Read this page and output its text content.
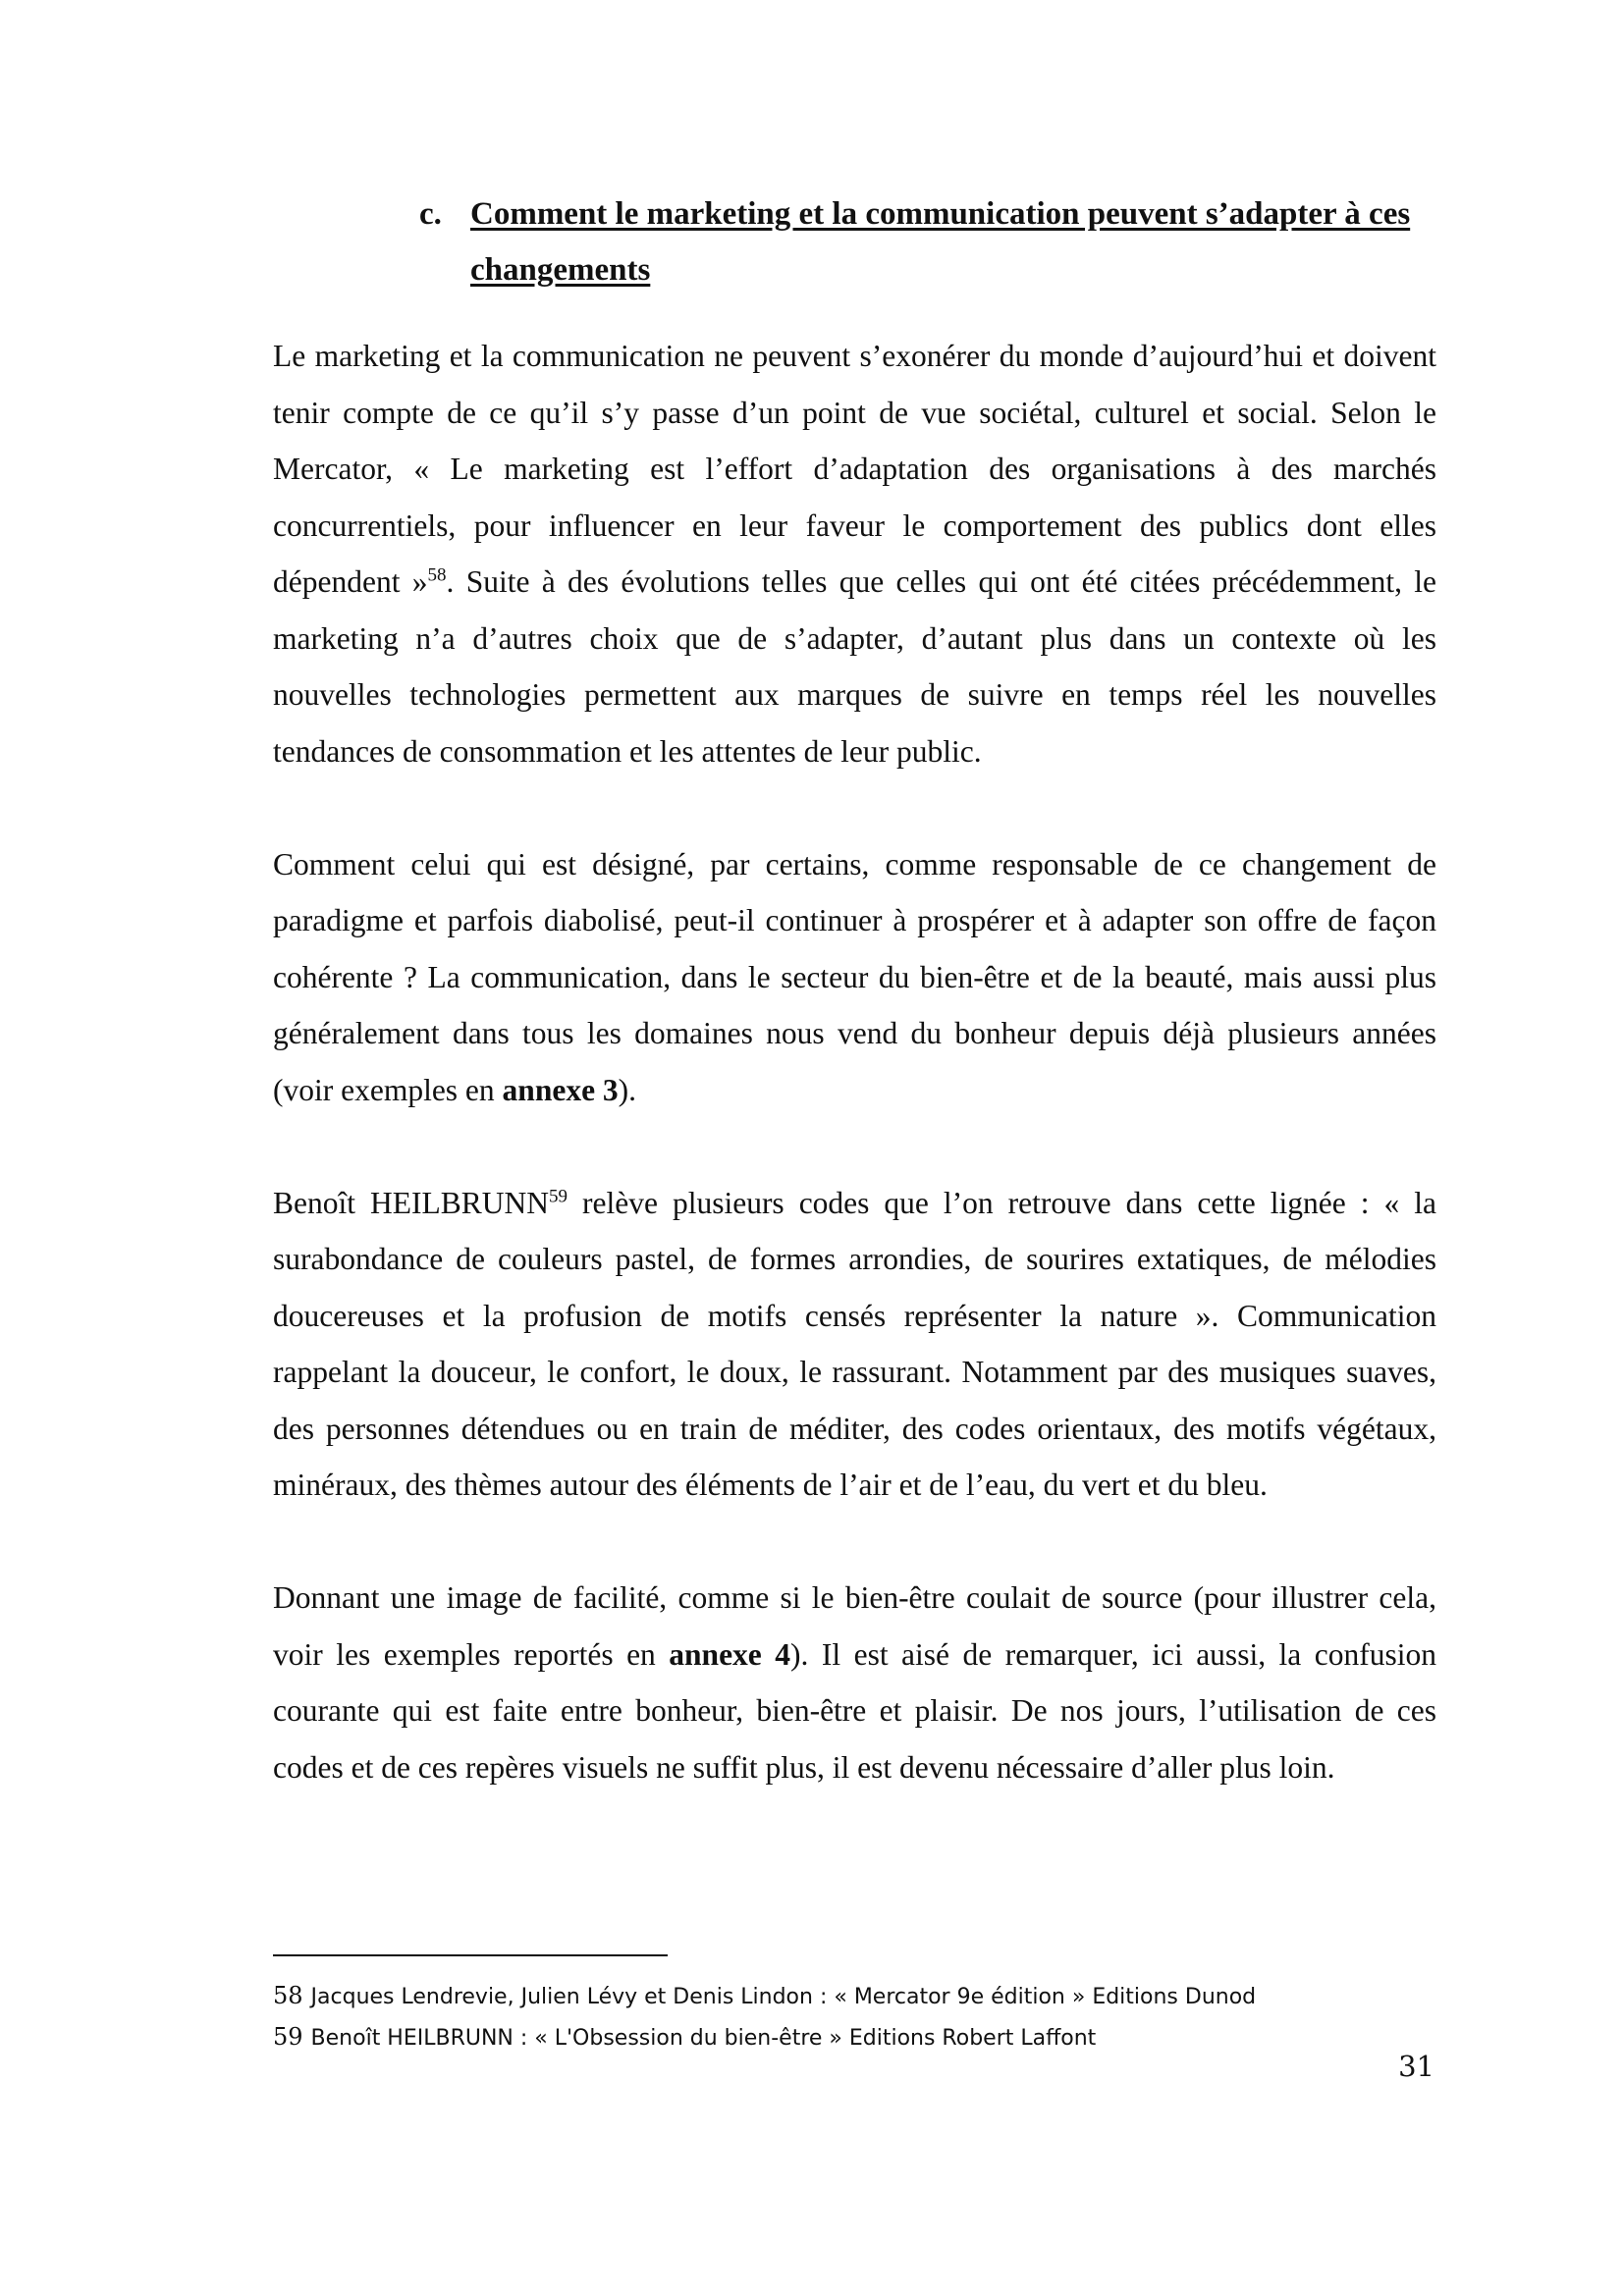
c. Comment le marketing et la communication peuvent s’adapter à ces changements

Le marketing et la communication ne peuvent s’exonérer du monde d’aujourd’hui et doivent tenir compte de ce qu’il s’y passe d’un point de vue sociétal, culturel et social. Selon le Mercator, « Le marketing est l’effort d’adaptation des organisations à des marchés concurrentiels, pour influencer en leur faveur le comportement des publics dont elles dépendent »$^{58}$. Suite à des évolutions telles que celles qui ont été citées précédemment, le marketing n’a d’autres choix que de s’adapter, d’autant plus dans un contexte où les nouvelles technologies permettent aux marques de suivre en temps réel les nouvelles tendances de consommation et les attentes de leur public.

Comment celui qui est désigné, par certains, comme responsable de ce changement de paradigme et parfois diabolisé, peut-il continuer à prospérer et à adapter son offre de façon cohérente ? La communication, dans le secteur du bien-être et de la beauté, mais aussi plus généralement dans tous les domaines nous vend du bonheur depuis déjà plusieurs années (voir exemples en annexe 3).

Benoît HEILBRUNN$^{59}$ relève plusieurs codes que l’on retrouve dans cette lignée : « la surabondance de couleurs pastel, de formes arrondies, de sourires extatiques, de mélodies doucereuses et la profusion de motifs censés représenter la nature ». Communication rappelant la douceur, le confort, le doux, le rassurant. Notamment par des musiques suaves, des personnes détendues ou en train de méditer, des codes orientaux, des motifs végétaux, minéraux, des thèmes autour des éléments de l’air et de l’eau, du vert et du bleu.

Donnant une image de facilité, comme si le bien-être coulait de source (pour illustrer cela, voir les exemples reportés en annexe 4). Il est aisé de remarquer, ici aussi, la confusion courante qui est faite entre bonheur, bien-être et plaisir. De nos jours, l’utilisation de ces codes et de ces repères visuels ne suffit plus, il est devenu nécessaire d’aller plus loin.

58 Jacques Lendrevie, Julien Lévy et Denis Lindon : « Mercator 9e édition » Editions Dunod
59 Benoît HEILBRUNN : « L'Obsession du bien-être » Editions Robert Laffont
31
